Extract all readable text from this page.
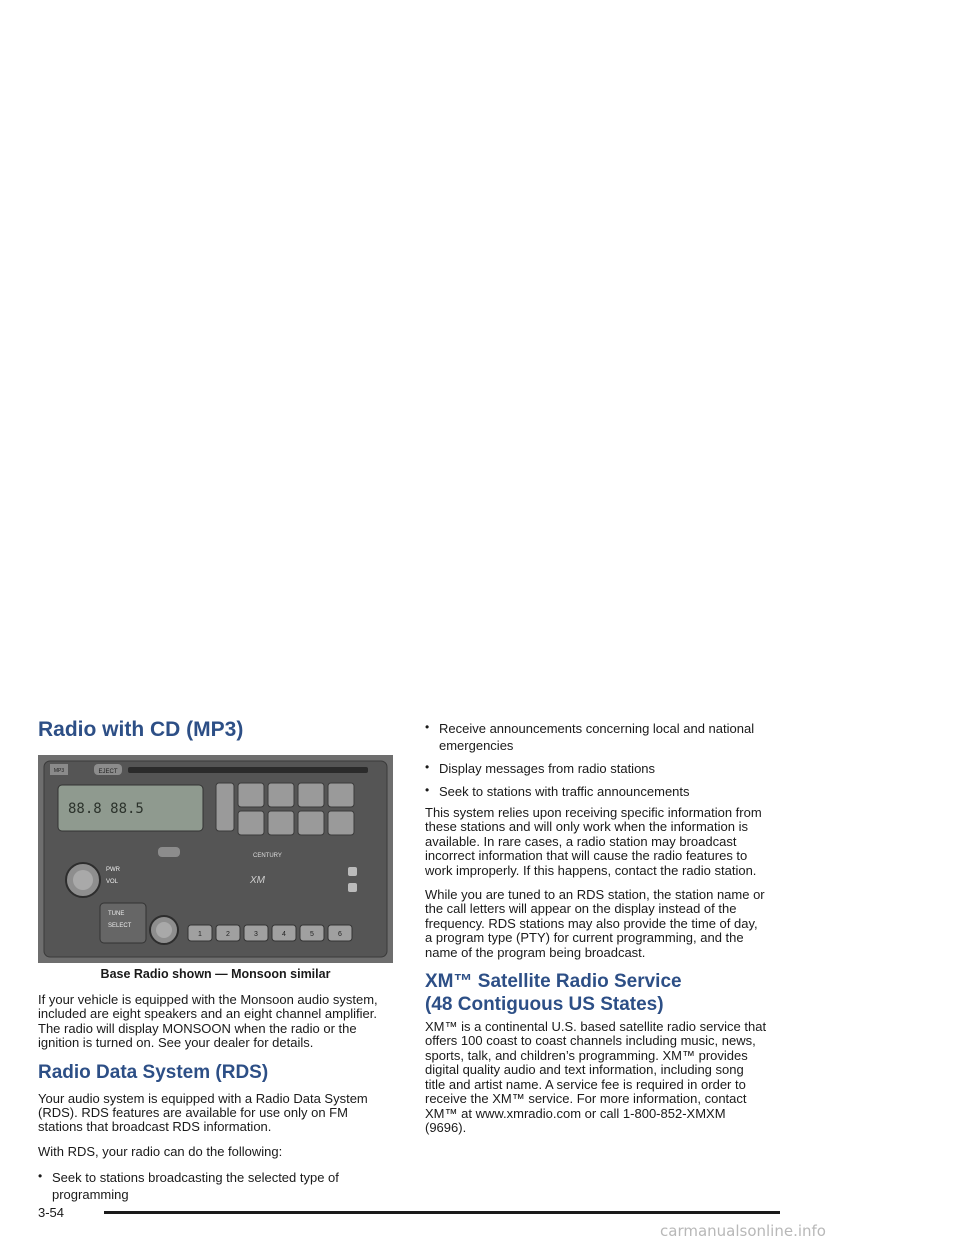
Radio with CD (MP3)
EJECT
MP3
88.8 88.5
CENTURY
XM
PWR
VOL
TUNE
SELECT
1	2	3	4	5	6
Base Radio shown — Monsoon similar

If your vehicle is equipped with the Monsoon audio system, included are eight speakers and an eight channel amplifier. The radio will display MONSOON when the radio or the ignition is turned on. See your dealer for details.

Radio Data System (RDS)

Your audio system is equipped with a Radio Data System (RDS). RDS features are available for use only on FM stations that broadcast RDS information.

With RDS, your radio can do the following:

• Seek to stations broadcasting the selected type of programming
• Receive announcements concerning local and national emergencies
• Display messages from radio stations
• Seek to stations with traffic announcements

This system relies upon receiving specific information from these stations and will only work when the information is available. In rare cases, a radio station may broadcast incorrect information that will cause the radio features to work improperly. If this happens, contact the radio station.

While you are tuned to an RDS station, the station name or the call letters will appear on the display instead of the frequency. RDS stations may also provide the time of day, a program type (PTY) for current programming, and the name of the program being broadcast.

XM™ Satellite Radio Service
(48 Contiguous US States)

XM™ is a continental U.S. based satellite radio service that offers 100 coast to coast channels including music, news, sports, talk, and children’s programming. XM™ provides digital quality audio and text information, including song title and artist name. A service fee is required in order to receive the XM™ service. For more information, contact XM™ at www.xmradio.com or call 1-800-852-XMXM (9696).

3-54
carmanualsonline.info
